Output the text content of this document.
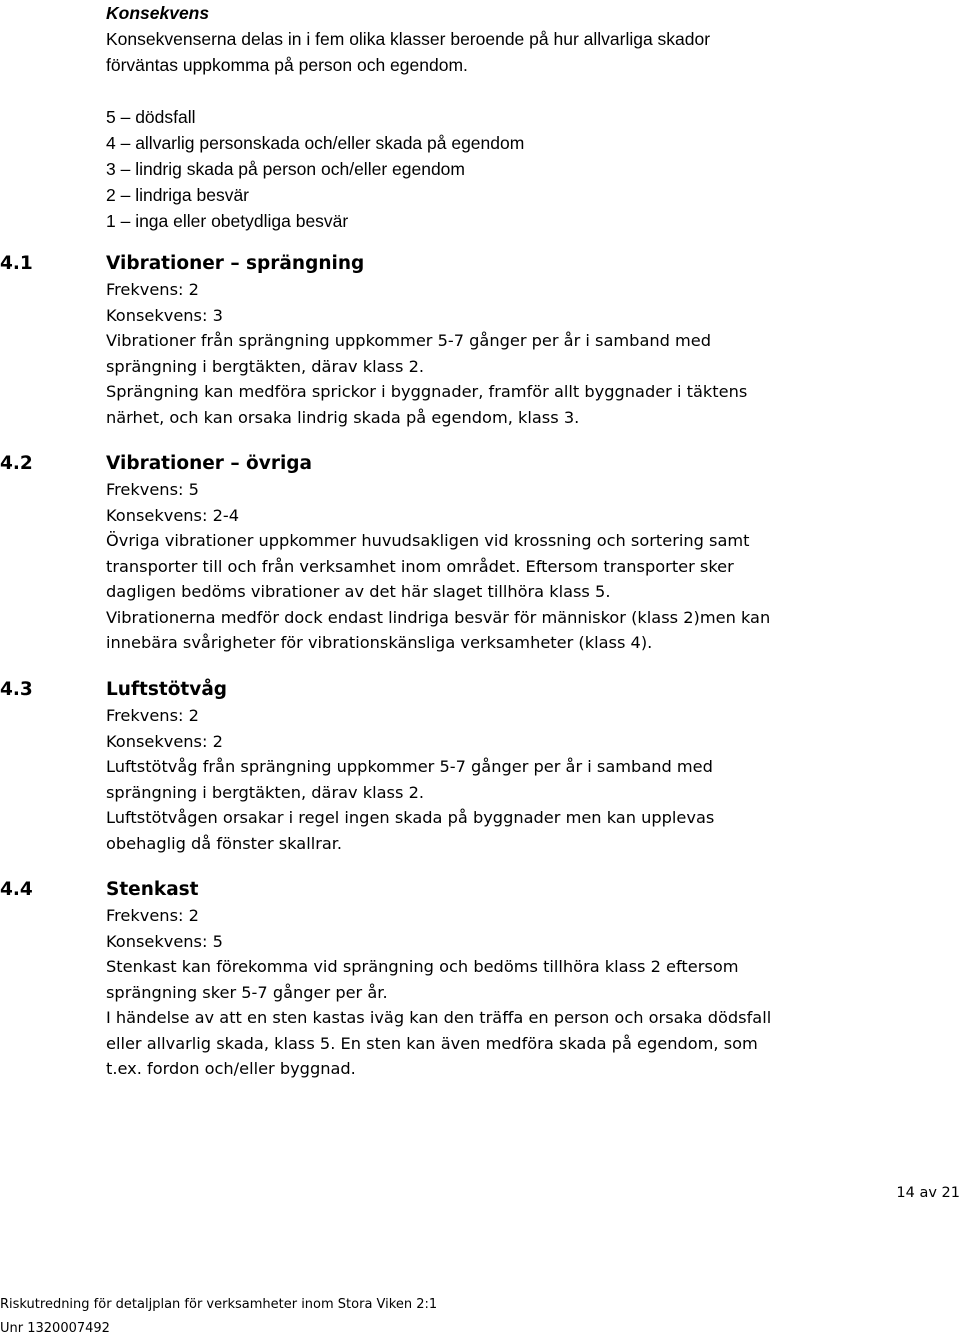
Konsekvens
Konsekvenserna delas in i fem olika klasser beroende på hur allvarliga skador
förväntas uppkomma på person och egendom.
5 – dödsfall
4 – allvarlig personskada och/eller skada på egendom
3 – lindrig skada på person och/eller egendom
2 – lindriga besvär
1 – inga eller obetydliga besvär
4.1	Vibrationer – sprängning

Frekvens: 2

Konsekvens: 3

Vibrationer från sprängning uppkommer 5-7 gånger per år i samband med

sprängning i bergtäkten, därav klass 2.

Sprängning kan medföra sprickor i byggnader, framför allt byggnader i täktens

närhet, och kan orsaka lindrig skada på egendom, klass 3.

4.2	Vibrationer – övriga

Frekvens: 5

Konsekvens: 2-4

Övriga vibrationer uppkommer huvudsakligen vid krossning och sortering samt

transporter till och från verksamhet inom området. Eftersom transporter sker

dagligen bedöms vibrationer av det här slaget tillhöra klass 5.

Vibrationerna medför dock endast lindriga besvär för människor (klass 2)men kan

innebära svårigheter för vibrationskänsliga verksamheter (klass 4).

4.3	Luftstötvåg

Frekvens: 2

Konsekvens: 2

Luftstötvåg från sprängning uppkommer 5-7 gånger per år i samband med

sprängning i bergtäkten, därav klass 2.

Luftstötvågen orsakar i regel ingen skada på byggnader men kan upplevas

obehaglig då fönster skallrar.

4.4	Stenkast

Frekvens: 2

Konsekvens: 5

Stenkast kan förekomma vid sprängning och bedöms tillhöra klass 2 eftersom

sprängning sker 5-7 gånger per år.

I händelse av att en sten kastas iväg kan den träffa en person och orsaka dödsfall

eller allvarlig skada, klass 5. En sten kan även medföra skada på egendom, som

t.ex. fordon och/eller byggnad.

14 av 21
Riskutredning för detaljplan för verksamheter inom Stora Viken 2:1
Unr 1320007492
